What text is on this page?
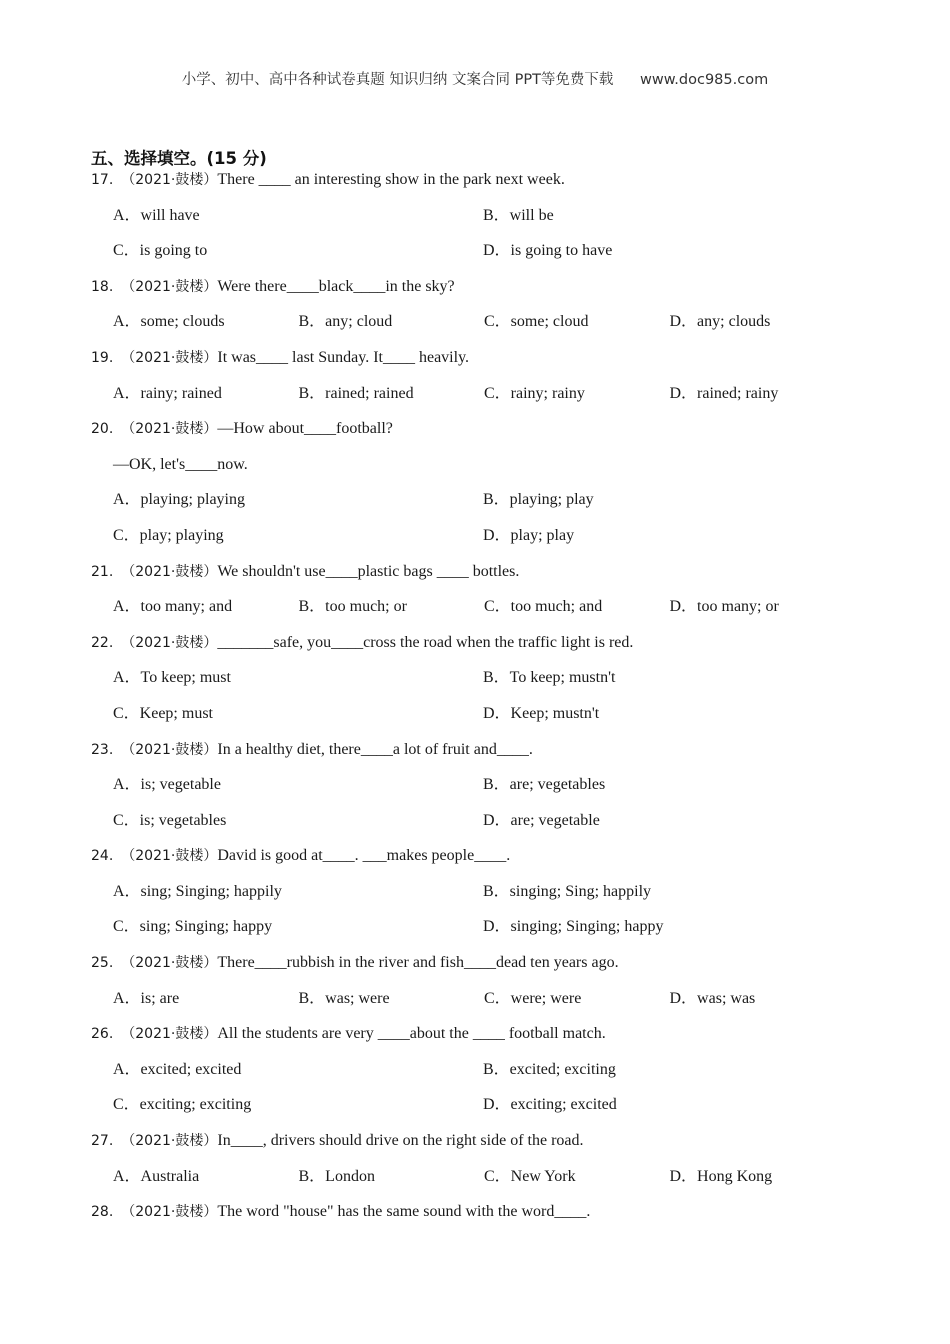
小学、初中、高中各种试卷真题 知识归纳 文案合同 PPT等免费下载 www.doc985.com
五、选择填空。(15 分)
17. （2021·鼓楼）There ____ an interesting show in the park next week.
A．will have	B．will be
C．is going to	D．is going to have
18. （2021·鼓楼）Were there____black____in the sky?
A．some; clouds	B．any; cloud	C．some; cloud	D．any; clouds
19. （2021·鼓楼）It was____ last Sunday. It____ heavily.
A．rainy; rained	B．rained; rained	C．rainy; rainy	D．rained; rainy
20. （2021·鼓楼）—How about____football?
—OK, let's____now.
A．playing; playing	B．playing; play
C．play; playing	D．play; play
21. （2021·鼓楼）We shouldn't use____plastic bags ____ bottles.
A．too many; and	B．too much; or	C．too much; and	D．too many; or
22. （2021·鼓楼）_______safe, you____cross the road when the traffic light is red.
A．To keep; must	B．To keep; mustn't
C．Keep; must	D．Keep; mustn't
23. （2021·鼓楼）In a healthy diet, there____a lot of fruit and____.
A．is; vegetable	B．are; vegetables
C．is; vegetables	D．are; vegetable
24. （2021·鼓楼）David is good at____. ___makes people____.
A．sing; Singing; happily	B．singing; Sing; happily
C．sing; Singing; happy	D．singing; Singing; happy
25. （2021·鼓楼）There____rubbish in the river and fish____dead ten years ago.
A．is; are	B．was; were	C．were; were	D．was; was
26. （2021·鼓楼）All the students are very ____about the ____ football match.
A．excited; excited	B．excited; exciting
C．exciting; exciting	D．exciting; excited
27. （2021·鼓楼）In____, drivers should drive on the right side of the road.
A．Australia	B．London	C．New York	D．Hong Kong
28. （2021·鼓楼）The word "house" has the same sound with the word____.
